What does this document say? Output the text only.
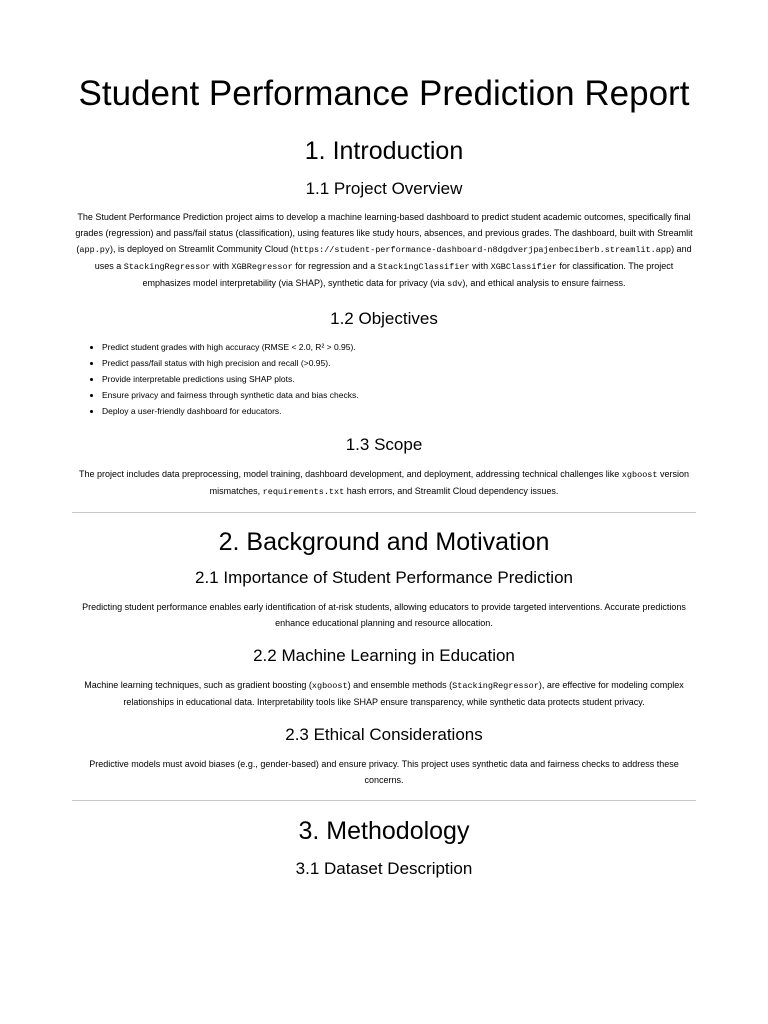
Student Performance Prediction Report
1. Introduction
1.1 Project Overview

The Student Performance Prediction project aims to develop a machine learning-based dashboard to predict student academic outcomes, specifically final grades (regression) and pass/fail status (classification), using features like study hours, absences, and previous grades. The dashboard, built with Streamlit (app.py), is deployed on Streamlit Community Cloud (https://student-performance-dashboard-n8dgdverjpajenbeciberb.streamlit.app) and uses a StackingRegressor with XGBRegressor for regression and a StackingClassifier with XGBClassifier for classification. The project emphasizes model interpretability (via SHAP), synthetic data for privacy (via sdv), and ethical analysis to ensure fairness.

1.2 Objectives
• Predict student grades with high accuracy (RMSE < 2.0, R² > 0.95).
• Predict pass/fail status with high precision and recall (>0.95).
• Provide interpretable predictions using SHAP plots.
• Ensure privacy and fairness through synthetic data and bias checks.
• Deploy a user-friendly dashboard for educators.
1.3 Scope

The project includes data preprocessing, model training, dashboard development, and deployment, addressing technical challenges like xgboost version mismatches, requirements.txt hash errors, and Streamlit Cloud dependency issues.

2. Background and Motivation
2.1 Importance of Student Performance Prediction

Predicting student performance enables early identification of at-risk students, allowing educators to provide targeted interventions. Accurate predictions enhance educational planning and resource allocation.

2.2 Machine Learning in Education

Machine learning techniques, such as gradient boosting (xgboost) and ensemble methods (StackingRegressor), are effective for modeling complex relationships in educational data. Interpretability tools like SHAP ensure transparency, while synthetic data protects student privacy.

2.3 Ethical Considerations

Predictive models must avoid biases (e.g., gender-based) and ensure privacy. This project uses synthetic data and fairness checks to address these concerns.

3. Methodology
3.1 Dataset Description
